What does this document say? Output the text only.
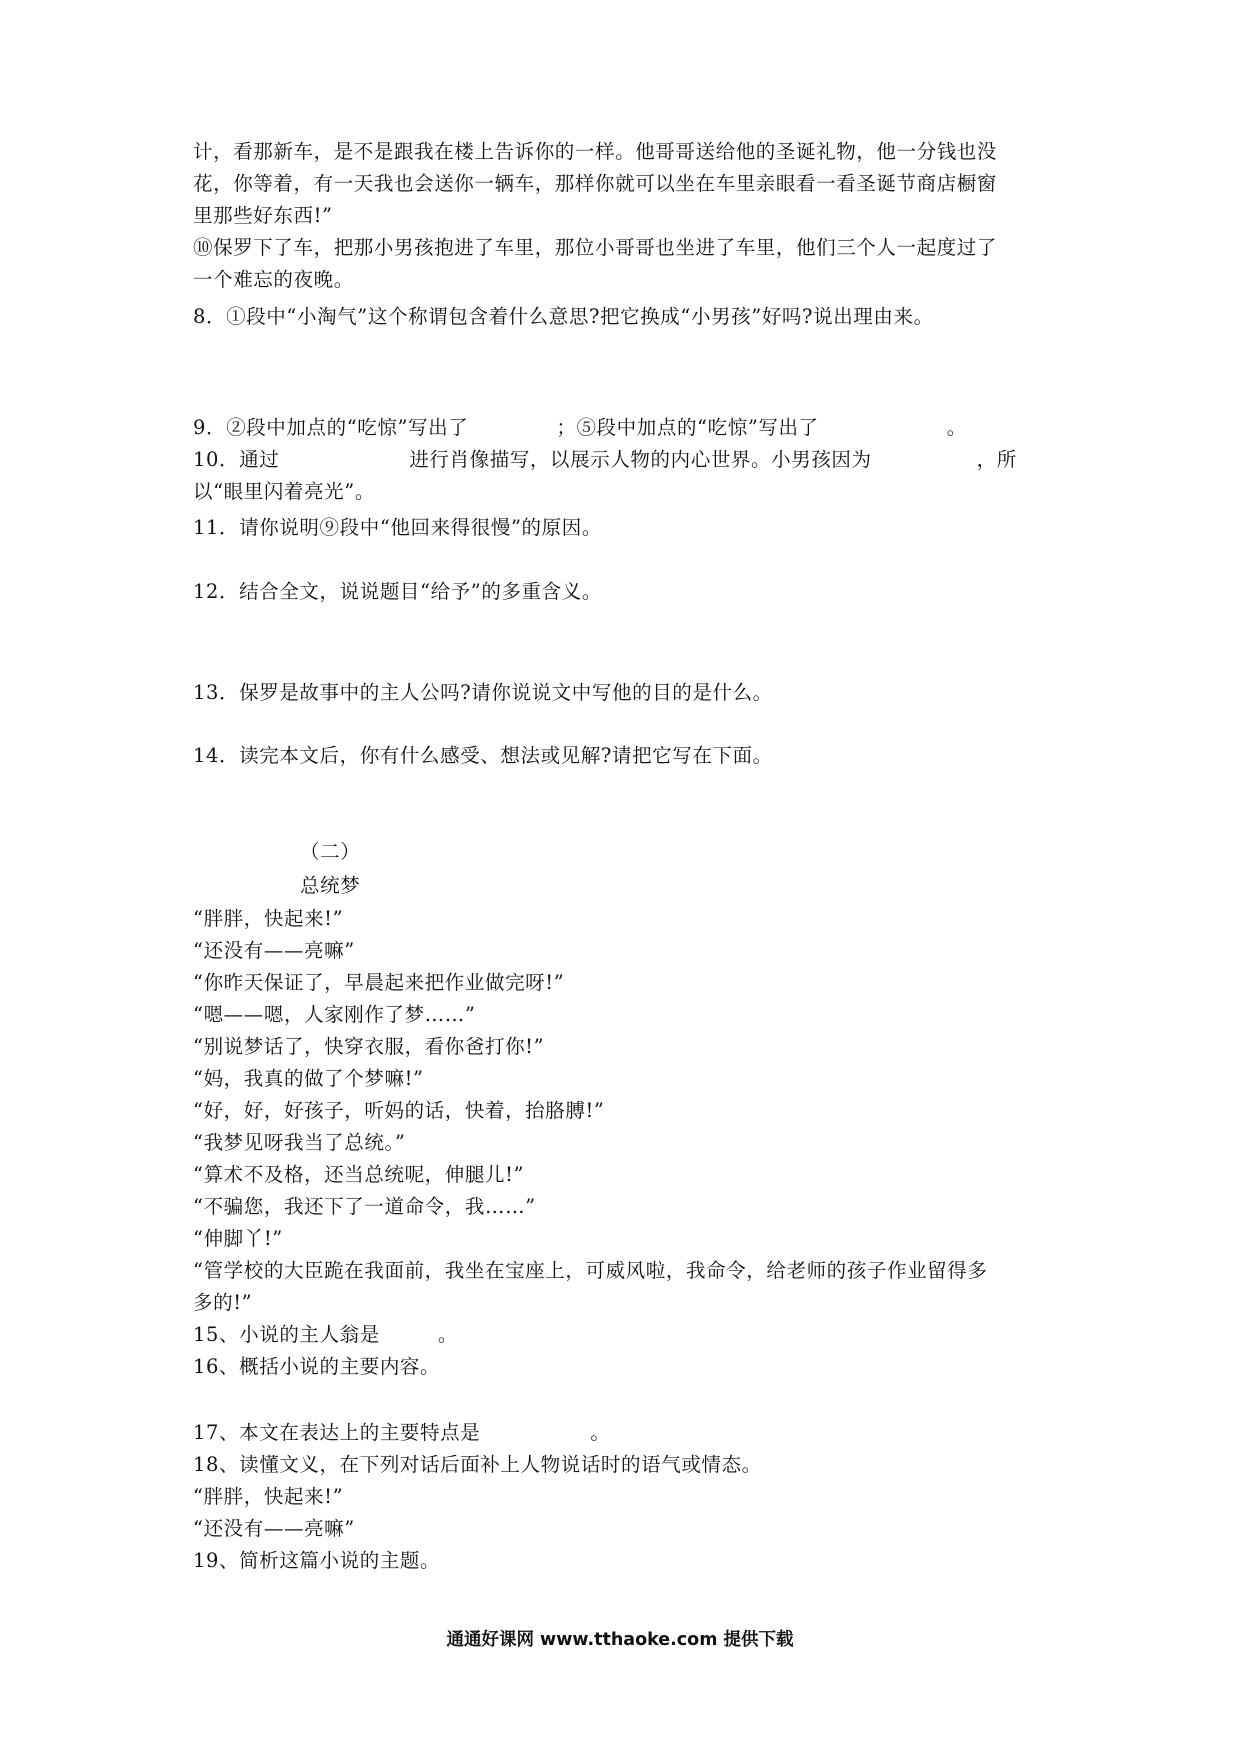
计，看那新车，是不是跟我在楼上告诉你的一样。他哥哥送给他的圣诞礼物，他一分钱也没
花，你等着，有一天我也会送你一辆车，那样你就可以坐在车里亲眼看一看圣诞节商店橱窗
里那些好东西!”
⑩保罗下了车，把那小男孩抱进了车里，那位小哥哥也坐进了车里，他们三个人一起度过了
一个难忘的夜晚。
8．①段中“小淘气”这个称谓包含着什么意思?把它换成“小男孩”好吗?说出理由来。
9．②段中加点的“吃惊”写出了	；⑤段中加点的“吃惊”写出了	。
10．通过	进行肖像描写，以展示人物的内心世界。小男孩因为	，所
以“眼里闪着亮光”。
11．请你说明⑨段中“他回来得很慢”的原因。
12．结合全文，说说题目“给予”的多重含义。
13．保罗是故事中的主人公吗?请你说说文中写他的目的是什么。
14．读完本文后，你有什么感受、想法或见解?请把它写在下面。
（二）
总统梦
“胖胖，快起来!”
“还没有——亮嘛”
“你昨天保证了，早晨起来把作业做完呀!”
“嗯——嗯，人家刚作了梦……”
“别说梦话了，快穿衣服，看你爸打你!”
“妈，我真的做了个梦嘛!”
“好，好，好孩子，听妈的话，快着，抬胳膊!”
“我梦见呀我当了总统。”
“算术不及格，还当总统呢，伸腿儿!”
“不骗您，我还下了一道命令，我……”
“伸脚丫!”
“管学校的大臣跪在我面前，我坐在宝座上，可威风啦，我命令，给老师的孩子作业留得多
多的!”
15、小说的主人翁是	。
16、概括小说的主要内容。
17、本文在表达上的主要特点是	。
18、读懂文义，在下列对话后面补上人物说话时的语气或情态。
“胖胖，快起来!”
“还没有——亮嘛”
19、简析这篇小说的主题。
通通好课网 www.tthaoke.com 提供下载
